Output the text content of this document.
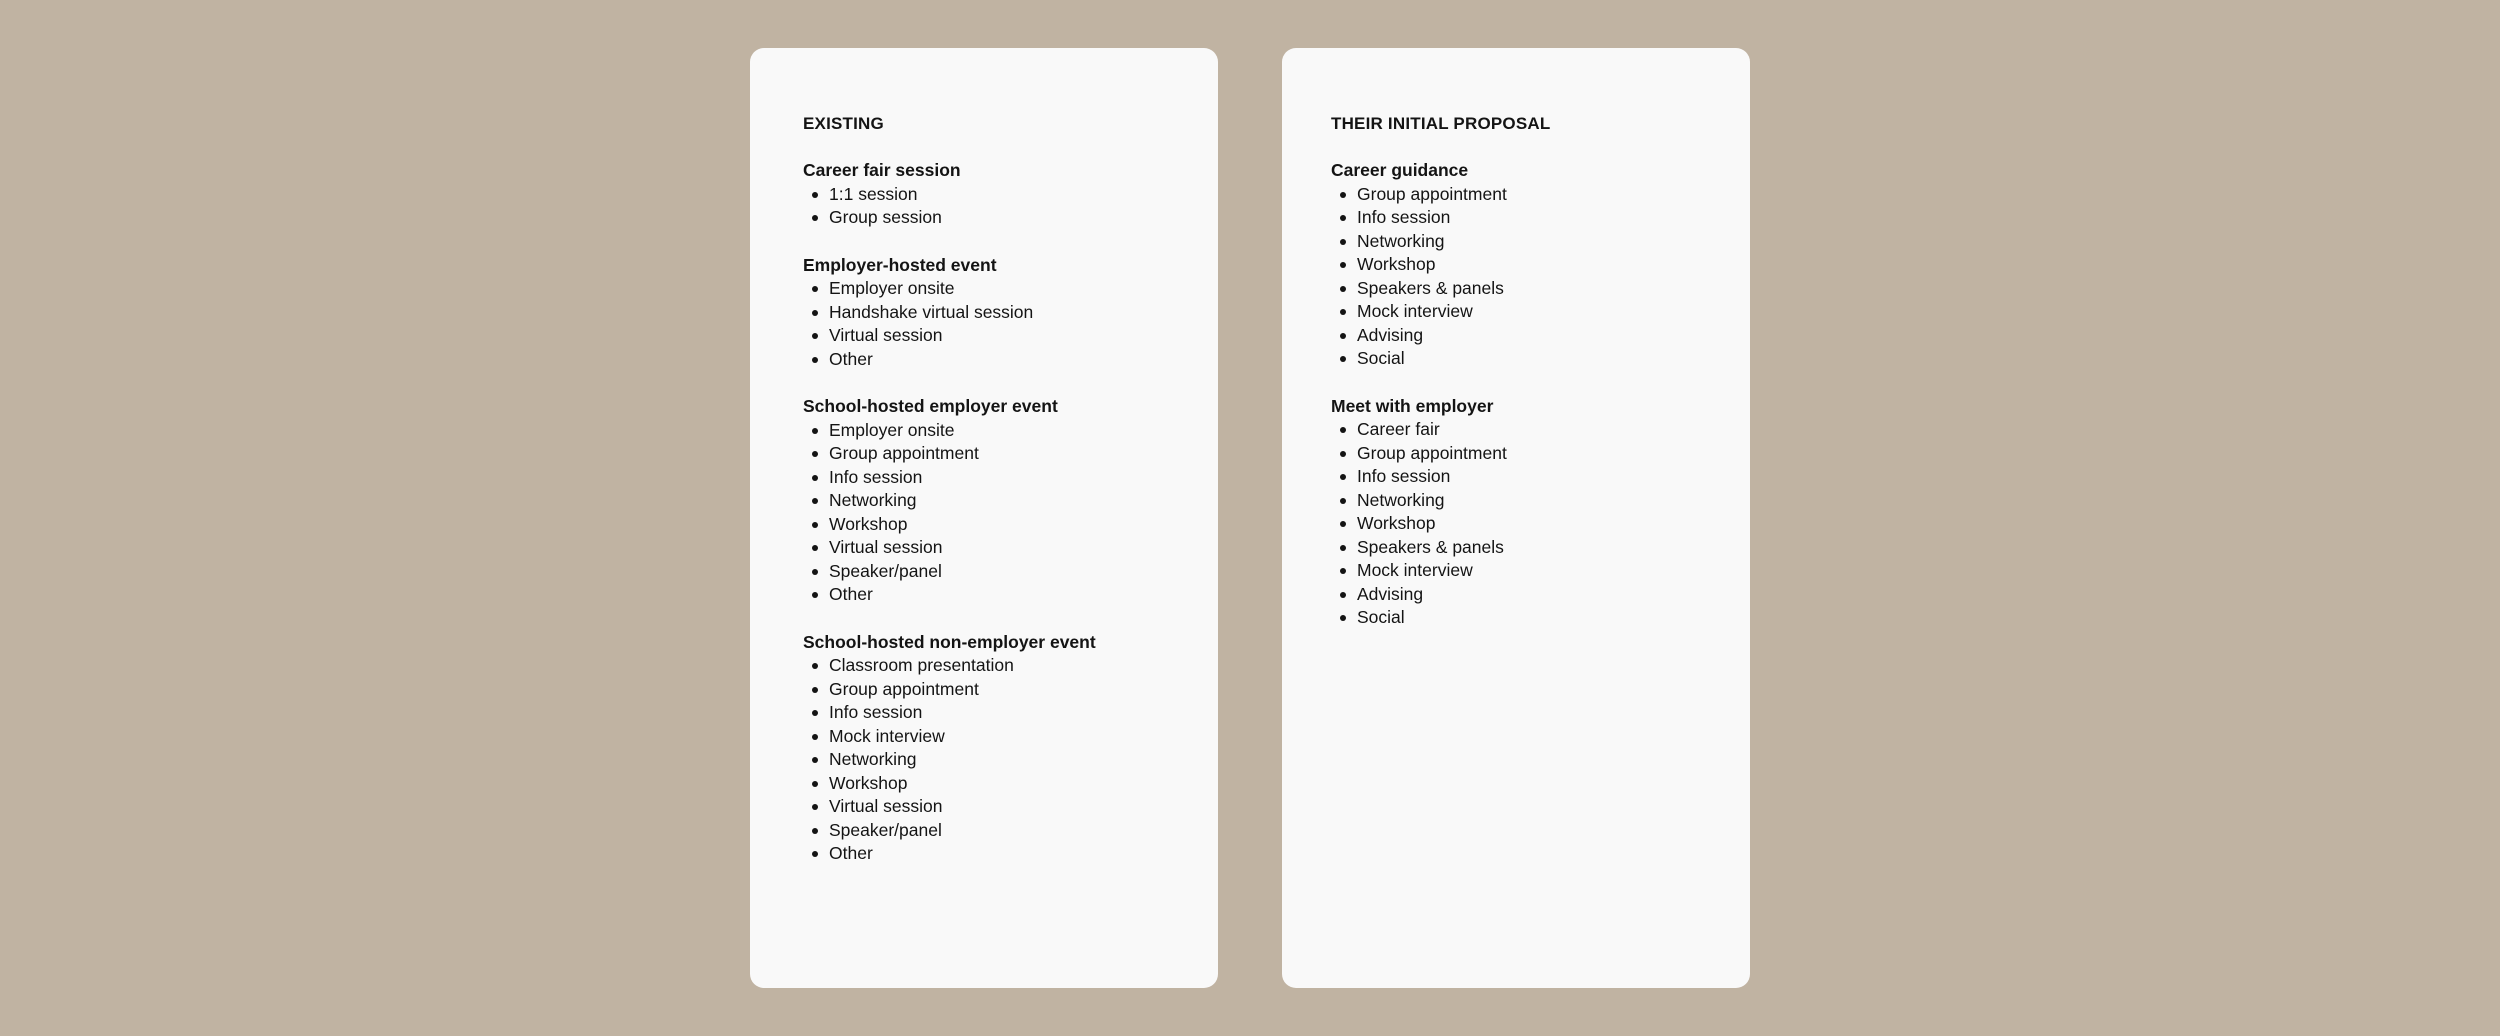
EXISTING
Career fair session
1:1 session
Group session
Employer-hosted event
Employer onsite
Handshake virtual session
Virtual session
Other
School-hosted employer event
Employer onsite
Group appointment
Info session
Networking
Workshop
Virtual session
Speaker/panel
Other
School-hosted non-employer event
Classroom presentation
Group appointment
Info session
Mock interview
Networking
Workshop
Virtual session
Speaker/panel
Other
THEIR INITIAL PROPOSAL
Career guidance
Group appointment
Info session
Networking
Workshop
Speakers & panels
Mock interview
Advising
Social
Meet with employer
Career fair
Group appointment
Info session
Networking
Workshop
Speakers & panels
Mock interview
Advising
Social
